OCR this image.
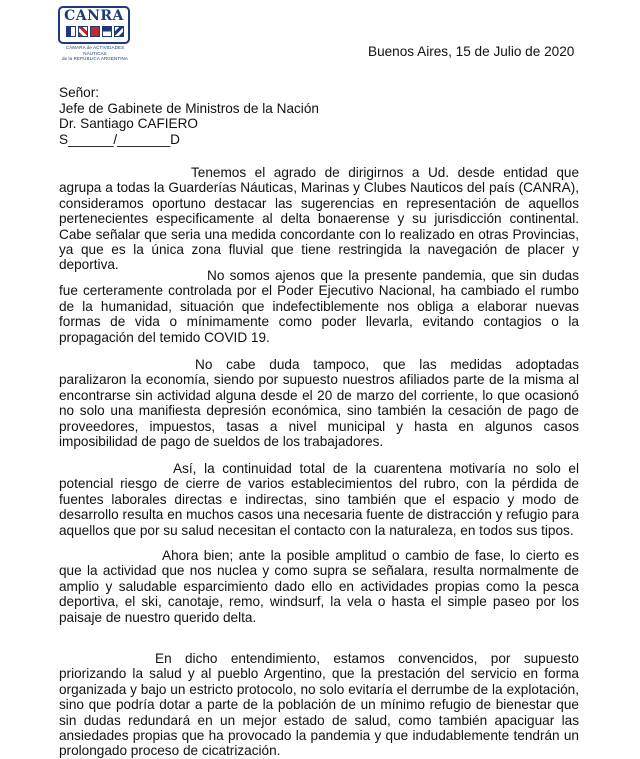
CANRA
CÁMARA de ACTIVIDADES NÁUTICAS
de la REPÚBLICA ARGENTINA	Buenos Aires, 15 de Julio de 2020
Señor:
Jefe de Gabinete de Ministros de la Nación
Dr. Santiago CAFIERO
S______/_______D

Tenemos el agrado de dirigirnos a Ud. desde entidad que agrupa a todas la Guarderías Náuticas, Marinas y Clubes Nauticos del país (CANRA), consideramos oportuno destacar las sugerencias en representación de aquellos pertenecientes especificamente al delta bonaerense y su jurisdicción continental. Cabe señalar que seria una medida concordante con lo realizado en otras Provincias, ya que es la única zona fluvial que tiene restringida la navegación de placer y deportiva.

No somos ajenos que la presente pandemia, que sin dudas fue certeramente controlada por el Poder Ejecutivo Nacional, ha cambiado el rumbo de la humanidad, situación que indefectiblemente nos obliga a elaborar nuevas formas de vida o mínimamente como poder llevarla, evitando contagios o la propagación del temido COVID 19.

No cabe duda tampoco, que las medidas adoptadas paralizaron la economía, siendo por supuesto nuestros afiliados parte de la misma al encontrarse sin actividad alguna desde el 20 de marzo del corriente, lo que ocasionó no solo una manifiesta depresión económica, sino también la cesación de pago de proveedores, impuestos, tasas a nivel municipal y hasta en algunos casos imposibilidad de pago de sueldos de los trabajadores.

Así, la continuidad total de la cuarentena motivaría no solo el potencial riesgo de cierre de varios establecimientos del rubro, con la pérdida de fuentes laborales directas e indirectas, sino también que el espacio y modo de desarrollo resulta en muchos casos una necesaria fuente de distracción y refugio para aquellos que por su salud necesitan el contacto con la naturaleza, en todos sus tipos.

Ahora bien; ante la posible amplitud o cambio de fase, lo cierto es que la actividad que nos nuclea y como supra se señalara, resulta normalmente de amplio y saludable esparcimiento dado ello en actividades propias como la pesca deportiva, el ski, canotaje, remo, windsurf, la vela o hasta el simple paseo por los paisaje de nuestro querido delta.

En dicho entendimiento, estamos convencidos, por supuesto priorizando la salud y al pueblo Argentino, que la prestación del servicio en forma organizada y bajo un estricto protocolo, no solo evitaría el derrumbe de la explotación, sino que podría dotar a parte de la población de un mínimo refugio de bienestar que sin dudas redundará en un mejor estado de salud, como también apaciguar las ansiedades propias que ha provocado la pandemia y que indudablemente tendrán un prolongado proceso de cicatrización.
